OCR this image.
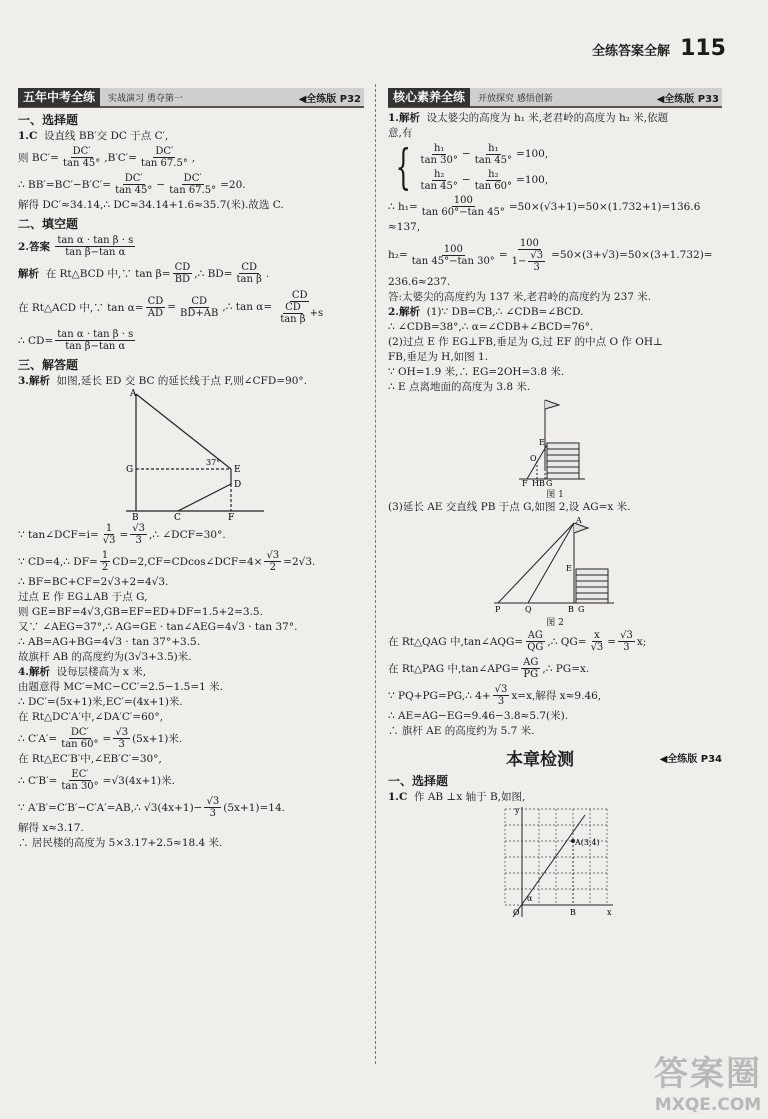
全练答案全解 115
五年中考全练	实战演习 勇夺第一	◀全练版 P32
一、选择题
1.C 设直线 BB′交 DC 于点 C′,
则 $BC'= \frac{DC'}{\tan 45^\circ} ,B'C'= \frac{DC'}{\tan 67.5^\circ}$ ,
∴ $BB'=BC'-B'C'= \frac{DC'}{\tan 45^\circ} - \frac{DC'}{\tan 67.5^\circ} =20$.
解得 DC′≈34.14,∴ DC≈34.14+1.6≈35.7(米).故选 C.
二、填空题
2.答案
$\frac{\text{tan α · tan β · s}}{\text{tan β−tan α}}$
解析
在 Rt△BCD 中,∵ $\tan \beta= \frac{CD}{BD}$ ,∴ $BD= \frac{CD}{\text{tan β}}$ .
在 Rt△ACD 中,∵ $\tan \alpha= \frac{CD}{AD} = \frac{CD}{BD+AB}$ ,∴ $\tan \alpha= \frac{CD}{\frac{CD}{\text{tan β}} +s}$
∴ $CD= \frac{\text{tan α · tan β · s}}{\text{tan β−tan α}}$
三、解答题
3.解析 如图,延长 ED 交 BC 的延长线于点 F,则∠CFD=90°.
A
G	E
D
B	C	F
37°
∵ tan∠DCF=i= $\frac{1}{√3} = \frac{√3}{3}$ ,∴ ∠DCF=30°.
∵ CD=4,∴ $DF= \frac{1}{2}$ CD=2,CF=CDcos∠DCF=4× $\frac{√3}{2} =2√3$.
∴ BF=BC+CF=2√3+2=4√3.
过点 E 作 EG⊥AB 于点 G,
则 GE=BF=4√3,GB=EF=ED+DF=1.5+2=3.5.
又∵ ∠AEG=37°,∴ AG=GE · tan∠AEG=4√3 · tan 37°.
∴ AB=AG+BG=4√3 · tan 37°+3.5.
故旗杆 AB 的高度约为(3√3+3.5)米.
4.解析 设每层楼高为 x 米,
由题意得 MC′=MC−CC′=2.5−1.5=1 米.
∴ DC′=(5x+1)米,EC′=(4x+1)米.
在 Rt△DC′A′中,∠DA′C′=60°,
∴ $C'A'= \frac{DC'}{\tan 60^\circ} = \frac{√3}{3} (5x+1)$米.
在 Rt△EC′B′中,∠EB′C′=30°,
∴ $C'B'= \frac{EC'}{\tan 30^\circ} =√3(4x+1)$米.
∵ A′B′=C′B′−C′A′=AB,∴ $√3(4x+1)- \frac{√3}{3} (5x+1)=14$.
解得 x≈3.17.
∴ 居民楼的高度为 5×3.17+2.5≈18.4 米.
核心素养全练	开放探究 感悟创新	◀全练版 P33
1.解析 设太婆尖的高度为 h₁ 米,老君岭的高度为 h₂ 米,依题
意,有
{ $\frac{\text{h₁}}{\tan 30^\circ} - \frac{\text{h₁}}{\tan 45^\circ} =100$,
$\frac{\text{h₂}}{\tan 45^\circ} - \frac{\text{h₂}}{\tan 60^\circ} =100$,
∴ $h_1= \frac{100}{\tan 60^\circ-\tan 45^\circ} =50\times(√3+1)=50\times(1.732+1)=136.6$
≈137,
$h_2= \frac{100}{\tan 45^\circ-\tan 30^\circ} = \frac{100}{1- \frac{√3}{3}} =50\times(3+√3)=50\times(3+1.732)=$
236.6≈237.
答:太婆尖的高度约为 137 米,老君岭的高度约为 237 米.
2.解析 (1)∵ DB=CB,∴ ∠CDB=∠BCD.
∴ ∠CDB=38°,∴ α=∠CDB+∠BCD=76°.
(2)过点 E 作 EG⊥FB,垂足为 G,过 EF 的中点 O 作 OH⊥
FB,垂足为 H,如图 1.
∵ OH=1.9 米,∴ EG=2OH=3.8 米.
∴ E 点离地面的高度为 3.8 米.
E
O
F H B G
图 1
(3)延长 AE 交直线 PB 于点 G,如图 2,设 AG=x 米.
A
E
P	Q	B G
图 2
在 Rt△QAG 中,tan∠AQG= $\frac{AG}{QG}$ ,∴ $QG= \frac{x}{√3} = \frac{√3}{3} x$;
在 Rt△PAG 中,tan∠APG= $\frac{AG}{PG}$ ,∴ PG=x.
∵ PQ+PG=PG,∴ $4+ \frac{√3}{3} x=x$,解得 x≈9.46,
∴ AE=AG−EG=9.46−3.8≈5.7(米).
∴ 旗杆 AE 的高度约为 5.7 米.
本章检测	◀全练版 P34
一、选择题
1.C 作 AB ⊥x 轴于 B,如图,
A(3,4)
O	B	x
y
α
答案圈
MXQE.COM
